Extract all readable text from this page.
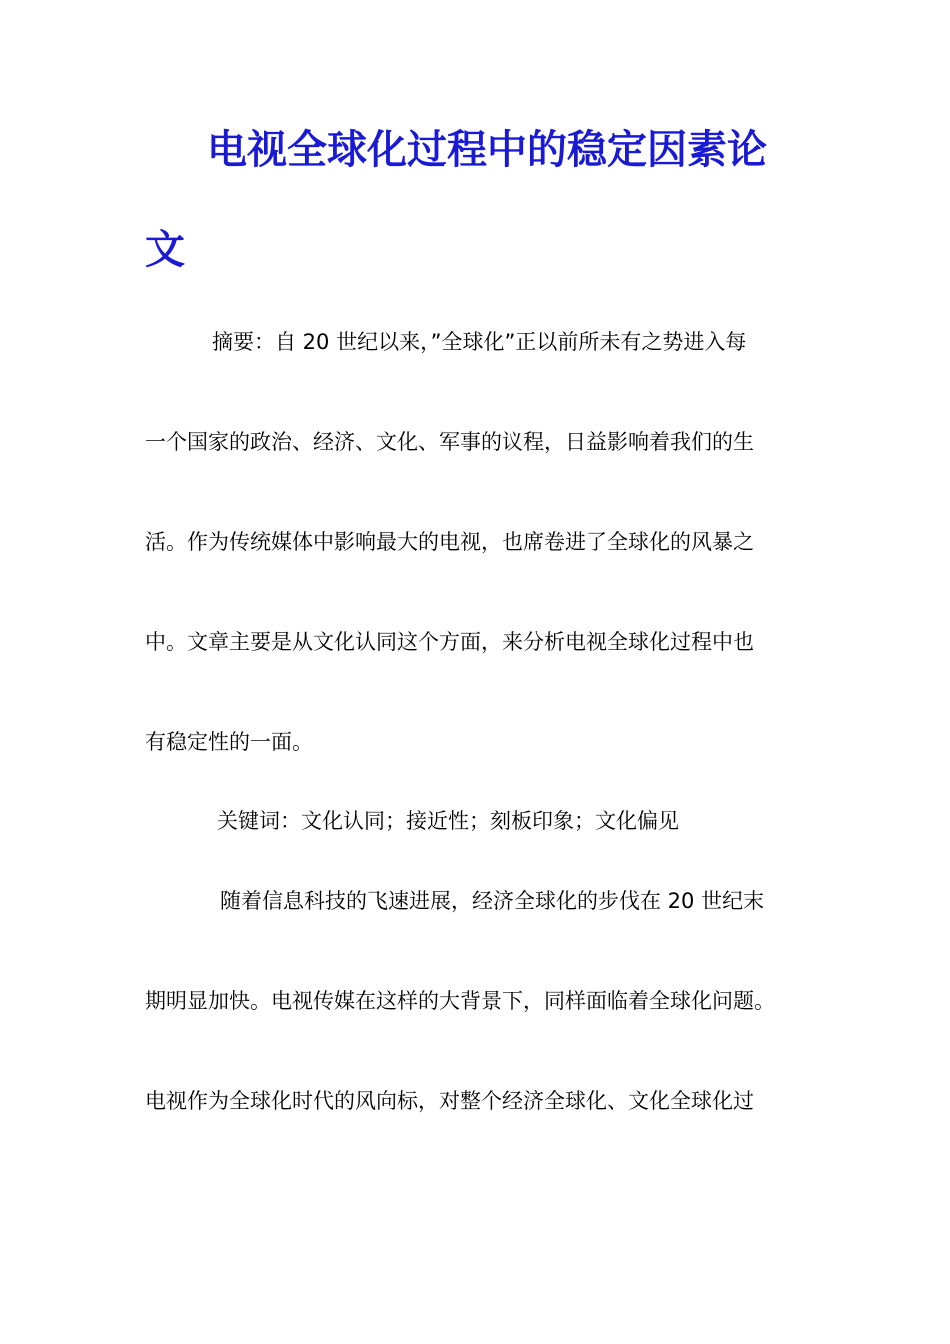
电视全球化过程中的稳定因素论
文

摘要：自 20 世纪以来，”全球化”正以前所未有之势进入每

一个国家的政治、经济、文化、军事的议程，日益影响着我们的生

活。作为传统媒体中影响最大的电视，也席卷进了全球化的风暴之

中。文章主要是从文化认同这个方面，来分析电视全球化过程中也

有稳定性的一面。

关键词：文化认同；接近性；刻板印象；文化偏见

随着信息科技的飞速进展，经济全球化的步伐在 20 世纪末

期明显加快。电视传媒在这样的大背景下，同样面临着全球化问题。

电视作为全球化时代的风向标，对整个经济全球化、文化全球化过
